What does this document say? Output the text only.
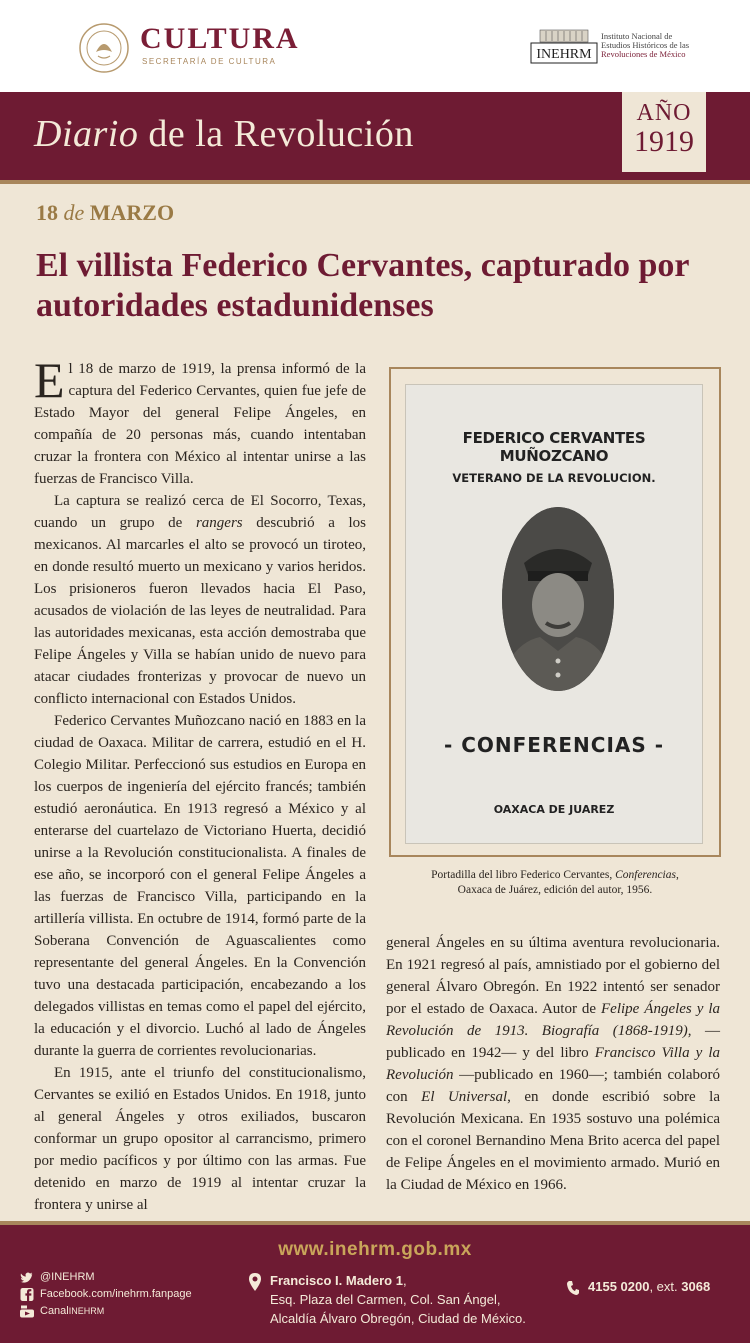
CULTURA
SECRETARÍA DE CULTURA	INEHRM
Instituto Nacional de
Estudios Históricos de las
Revoluciones de México
Diario de la Revolución	AÑO
1919
18 de MARZO
El villista Federico Cervantes, capturado por autoridades estadunidenses

El 18 de marzo de 1919, la prensa informó de la captura del Federico Cervantes, quien fue jefe de Estado Mayor del general Felipe Ángeles, en compañía de 20 personas más, cuando intentaban cruzar la frontera con México al intentar unirse a las fuerzas de Francisco Villa.

La captura se realizó cerca de El Socorro, Texas, cuando un grupo de rangers descubrió a los mexicanos. Al marcarles el alto se provocó un tiroteo, en donde resultó muerto un mexicano y varios heridos. Los prisioneros fueron llevados hacia El Paso, acusados de violación de las leyes de neutralidad. Para las autoridades mexicanas, esta acción demostraba que Felipe Ángeles y Villa se habían unido de nuevo para atacar ciudades fronterizas y provocar de nuevo un conflicto internacional con Estados Unidos.

Federico Cervantes Muñozcano nació en 1883 en la ciudad de Oaxaca. Militar de carrera, estudió en el H. Colegio Militar. Perfeccionó sus estudios en Europa en los cuerpos de ingeniería del ejército francés; también estudió aeronáutica. En 1913 regresó a México y al enterarse del cuartelazo de Victoriano Huerta, decidió unirse a la Revolución constitucionalista. A finales de ese año, se incorporó con el general Felipe Ángeles a las fuerzas de Francisco Villa, participando en la artillería villista. En octubre de 1914, formó parte de la Soberana Convención de Aguascalientes como representante del general Ángeles. En la Convención tuvo una destacada participación, encabezando a los delegados villistas en temas como el papel del ejército, la educación y el divorcio. Luchó al lado de Ángeles durante la guerra de corrientes revolucionarias.

En 1915, ante el triunfo del constitucionalismo, Cervantes se exilió en Estados Unidos. En 1918, junto al general Ángeles y otros exiliados, buscaron conformar un grupo opositor al carrancismo, primero por medio pacíficos y por último con las armas. Fue detenido en marzo de 1919 al intentar cruzar la frontera y unirse al

FEDERICO CERVANTES MUÑOZCANO
VETERANO DE LA REVOLUCION.
- CONFERENCIAS -
OAXACA DE JUAREZ
Portadilla del libro Federico Cervantes, Conferencias,
Oaxaca de Juárez, edición del autor, 1956.

general Ángeles en su última aventura revolucionaria. En 1921 regresó al país, amnistiado por el gobierno del general Álvaro Obregón. En 1922 intentó ser senador por el estado de Oaxaca. Autor de Felipe Ángeles y la Revolución de 1913. Biografía (1868-1919), —publicado en 1942— y del libro Francisco Villa y la Revolución —publicado en 1960—; también colaboró con El Universal, en donde escribió sobre la Revolución Mexicana. En 1935 sostuvo una polémica con el coronel Bernandino Mena Brito acerca del papel de Felipe Ángeles en el movimiento armado. Murió en la Ciudad de México en 1966.

www.inehrm.gob.mx
@INEHRM
Facebook.com/inehrm.fanpage
Canal INEHRM
Francisco I. Madero 1,
Esq. Plaza del Carmen, Col. San Ángel,
Alcaldía Álvaro Obregón, Ciudad de México.
4155 0200, ext. 3068
